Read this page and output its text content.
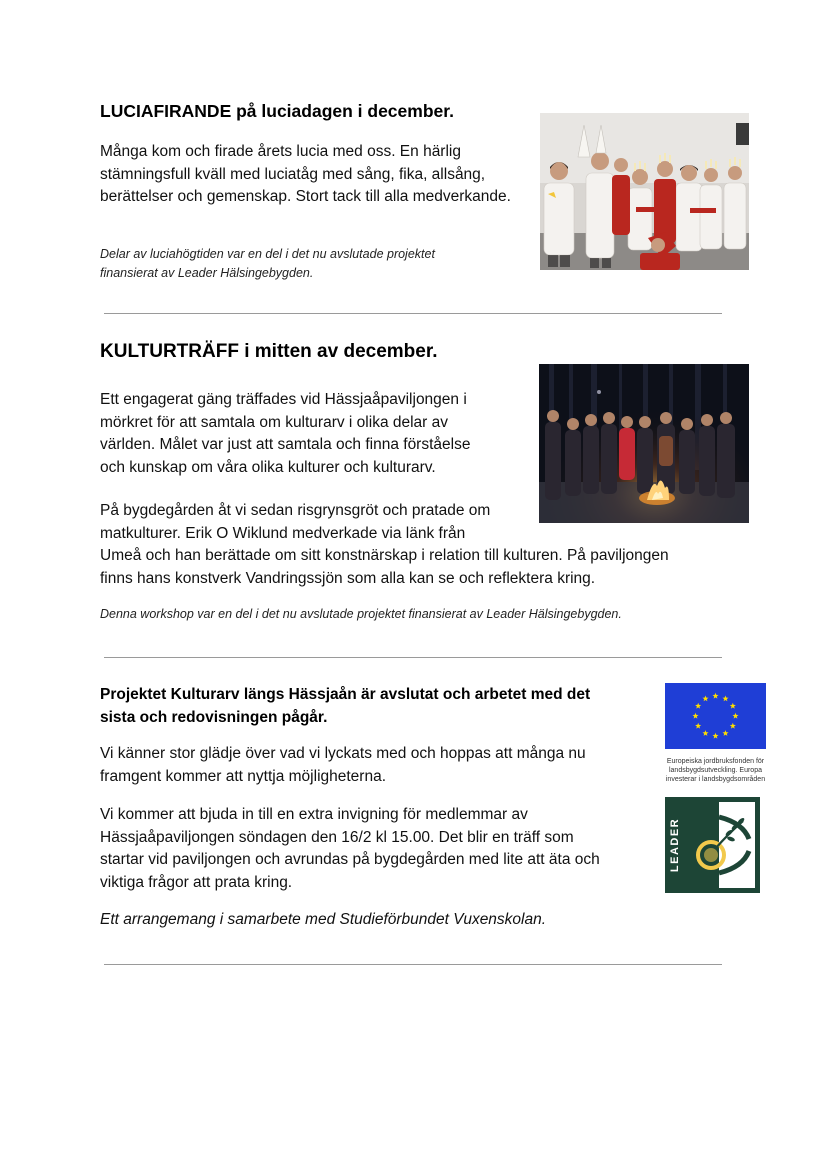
LUCIAFIRANDE på luciadagen i december.

Många kom och firade årets lucia med oss. En härlig stämningsfull kväll med luciatåg med sång, fika, allsång, berättelser och gemenskap. Stort tack till alla medverkande.

Delar av luciahögtiden var en del i det nu avslutade projektet

finansierat av Leader Hälsingebygden.

KULTURTRÄFF i mitten av december.
Ett engagerat gäng träffades vid Hässjaåpaviljongen i
mörkret för att samtala om kulturarv i olika delar av
världen. Målet var just att samtala och finna förståelse
och kunskap om våra olika kulturer och kulturarv.
På bygdegården åt vi sedan risgrynsgröt och pratade om
matkulturer. Erik O Wiklund medverkade via länk från
Umeå och han berättade om sitt konstnärskap i relation till kulturen. På paviljongen
finns hans konstverk Vandringssjön som alla kan se och reflektera kring.

Denna workshop var en del i det nu avslutade projektet finansierat av Leader Hälsingebygden.

Projektet Kulturarv längs Hässjaån är avslutat och arbetet med det
sista och redovisningen pågår.

Vi känner stor glädje över vad vi lyckats med och hoppas att många nu framgent kommer att nyttja möjligheterna.

Vi kommer att bjuda in till en extra invigning för medlemmar av
Hässjaåpaviljongen söndagen den 16/2 kl 15.00. Det blir en träff som
startar vid paviljongen och avrundas på bygdegården med lite att äta och
viktiga frågor att prata kring.

Ett arrangemang i samarbete med Studieförbundet Vuxenskolan.

Europeiska jordbruksfonden för
landsbygdsutveckling. Europa
investerar i landsbygdsområden
LEADER
